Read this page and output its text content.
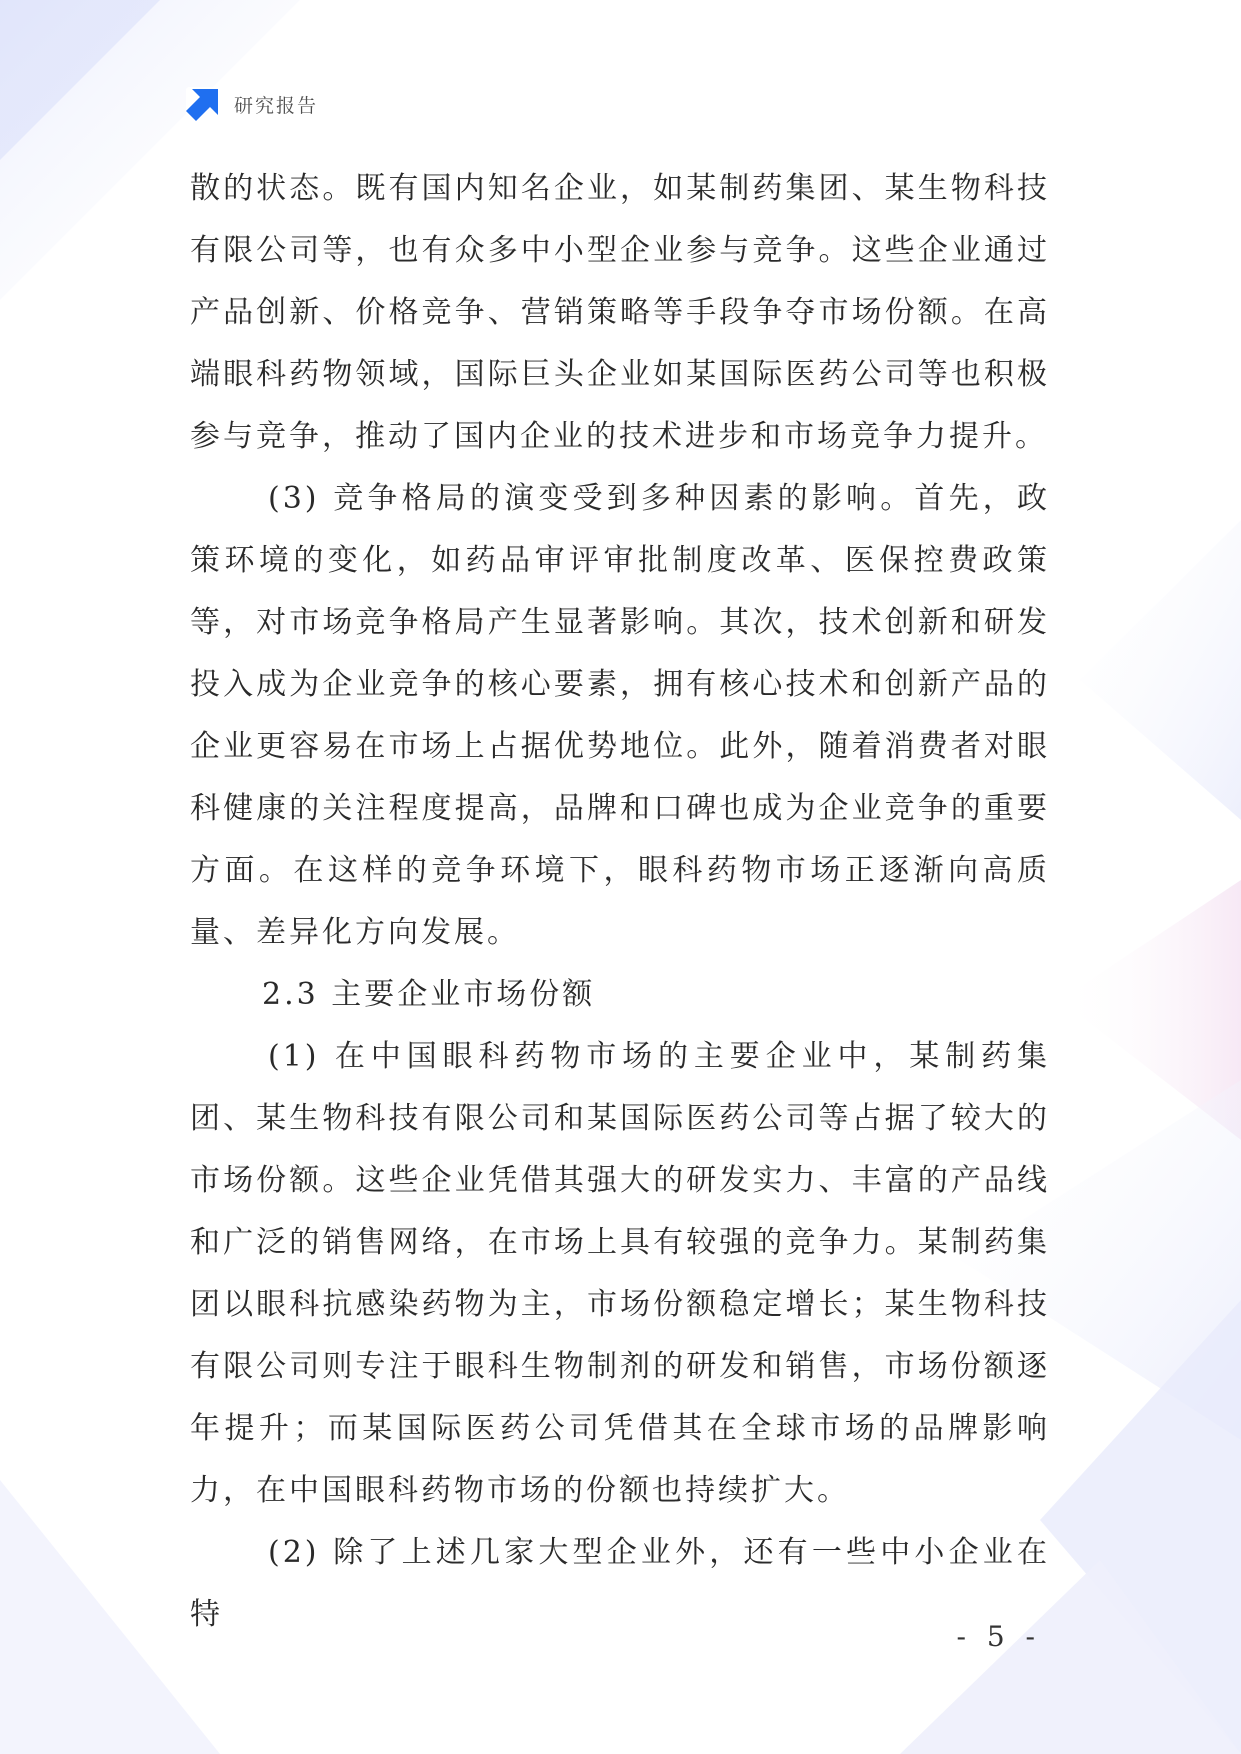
研究报告

散的状态。既有国内知名企业，如某制药集团、某生物科技有限公司等，也有众多中小型企业参与竞争。这些企业通过产品创新、价格竞争、营销策略等手段争夺市场份额。在高端眼科药物领域，国际巨头企业如某国际医药公司等也积极参与竞争，推动了国内企业的技术进步和市场竞争力提升。

(3) 竞争格局的演变受到多种因素的影响。首先，政策环境的变化，如药品审评审批制度改革、医保控费政策等，对市场竞争格局产生显著影响。其次，技术创新和研发投入成为企业竞争的核心要素，拥有核心技术和创新产品的企业更容易在市场上占据优势地位。此外，随着消费者对眼科健康的关注程度提高，品牌和口碑也成为企业竞争的重要方面。在这样的竞争环境下，眼科药物市场正逐渐向高质量、差异化方向发展。

2.3 主要企业市场份额

(1) 在中国眼科药物市场的主要企业中，某制药集团、某生物科技有限公司和某国际医药公司等占据了较大的市场份额。这些企业凭借其强大的研发实力、丰富的产品线和广泛的销售网络，在市场上具有较强的竞争力。某制药集团以眼科抗感染药物为主，市场份额稳定增长；某生物科技有限公司则专注于眼科生物制剂的研发和销售，市场份额逐年提升；而某国际医药公司凭借其在全球市场的品牌影响力，在中国眼科药物市场的份额也持续扩大。

(2) 除了上述几家大型企业外，还有一些中小企业在特

- 5 -
